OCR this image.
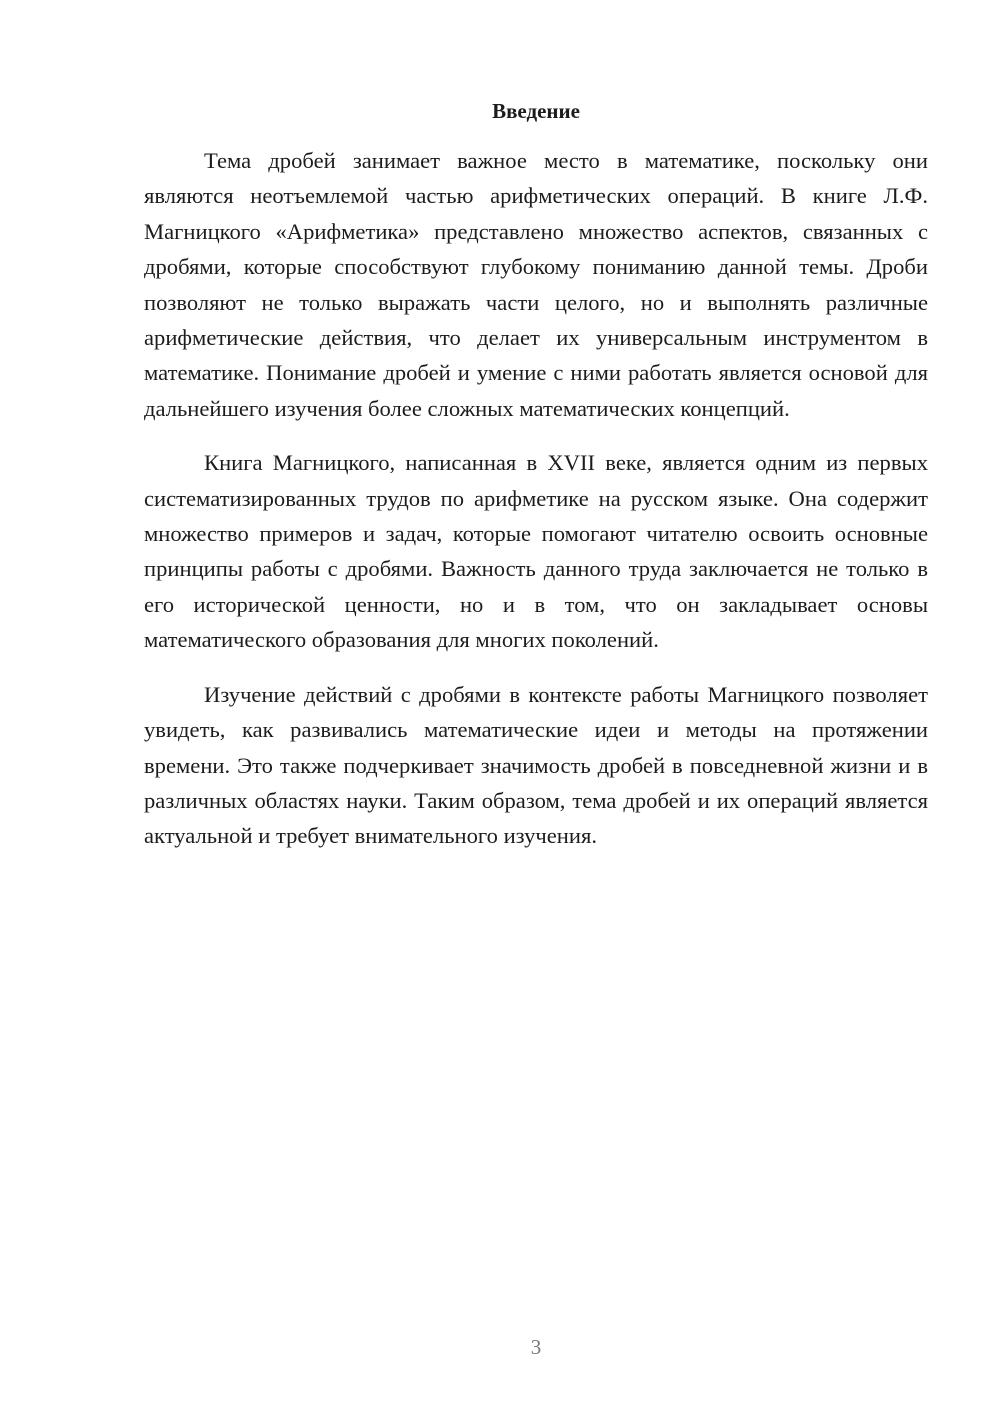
Введение

Тема дробей занимает важное место в математике, поскольку они являются неотъемлемой частью арифметических операций. В книге Л.Ф. Магницкого «Арифметика» представлено множество аспектов, связанных с дробями, которые способствуют глубокому пониманию данной темы. Дроби позволяют не только выражать части целого, но и выполнять различные арифметические действия, что делает их универсальным инструментом в математике. Понимание дробей и умение с ними работать является основой для дальнейшего изучения более сложных математических концепций.

Книга Магницкого, написанная в XVII веке, является одним из первых систематизированных трудов по арифметике на русском языке. Она содержит множество примеров и задач, которые помогают читателю освоить основные принципы работы с дробями. Важность данного труда заключается не только в его исторической ценности, но и в том, что он закладывает основы математического образования для многих поколений.

Изучение действий с дробями в контексте работы Магницкого позволяет увидеть, как развивались математические идеи и методы на протяжении времени. Это также подчеркивает значимость дробей в повседневной жизни и в различных областях науки. Таким образом, тема дробей и их операций является актуальной и требует внимательного изучения.

3
